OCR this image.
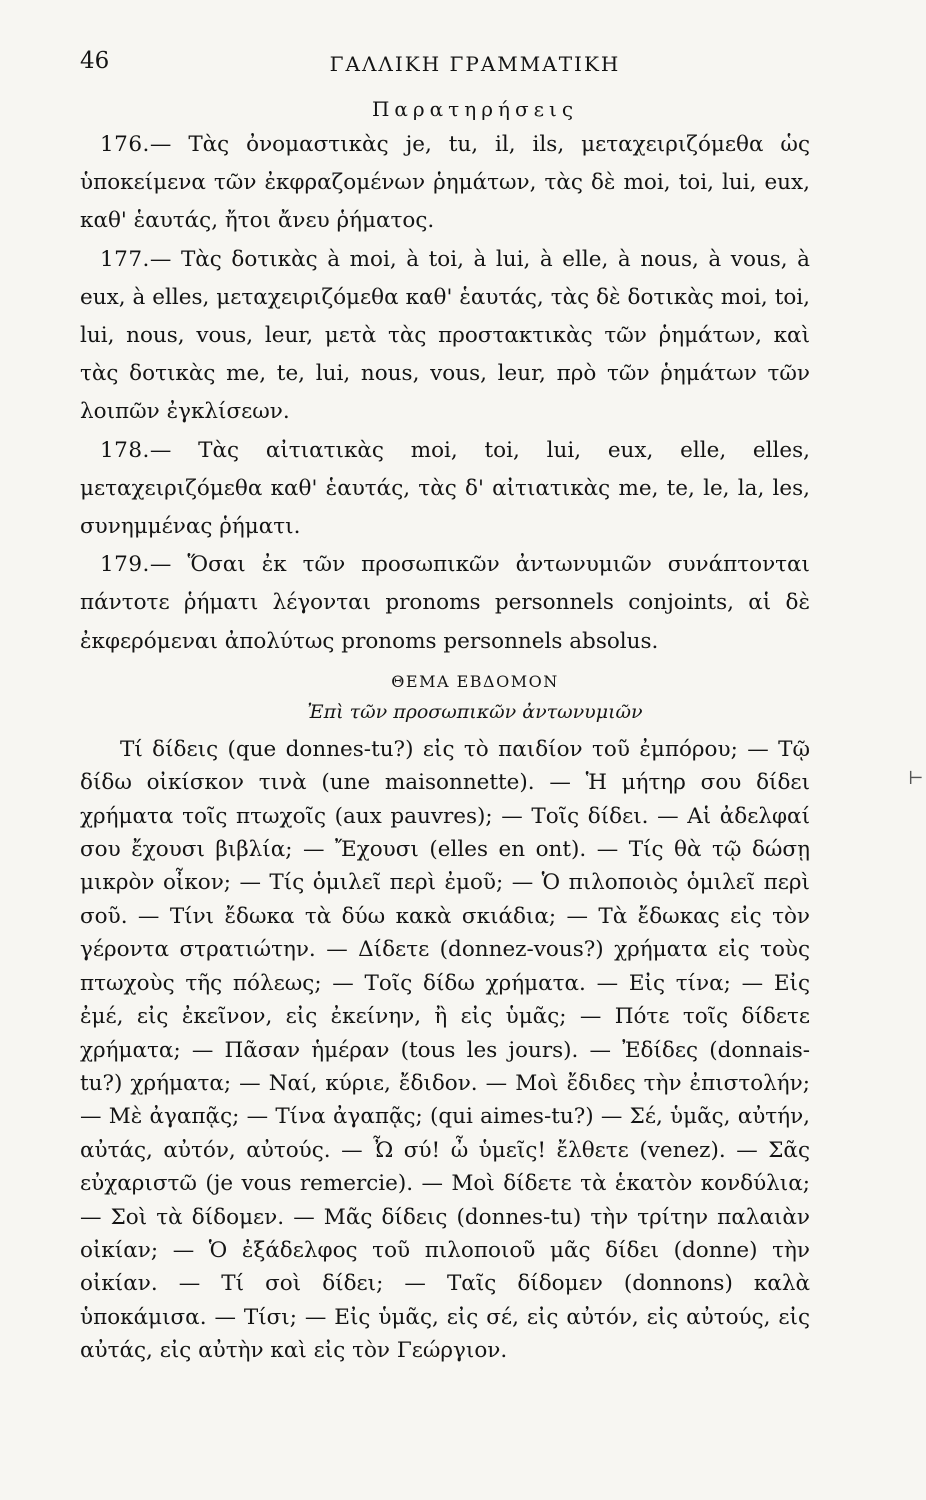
46	ΓΑΛΛΙΚΗ ΓΡΑΜΜΑΤΙΚΗ
Παρατηρήσεις

176.— Τὰς ὀνομαστικὰς je, tu, il, ils, μεταχειριζόμεθα ὡς ὑποκείμενα τῶν ἐκφραζομένων ῥημάτων, τὰς δὲ moi, toi, lui, eux, καθ' ἑαυτάς, ἤτοι ἄνευ ῥήματος.

177.— Τὰς δοτικὰς à moi, à toi, à lui, à elle, à nous, à vous, à eux, à elles, μεταχειριζόμεθα καθ' ἑαυτάς, τὰς δὲ δοτικὰς moi, toi, lui, nous, vous, leur, μετὰ τὰς προστακτικὰς τῶν ῥημάτων, καὶ τὰς δοτικὰς me, te, lui, nous, vous, leur, πρὸ τῶν ῥημάτων τῶν λοιπῶν ἐγκλίσεων.

178.— Τὰς αἰτιατικὰς moi, toi, lui, eux, elle, elles, μεταχειριζόμεθα καθ' ἑαυτάς, τὰς δ' αἰτιατικὰς me, te, le, la, les, συνημμένας ῥήματι.

179.— Ὅσαι ἐκ τῶν προσωπικῶν ἀντωνυμιῶν συνάπτονται πάντοτε ῥήματι λέγονται pronoms personnels conjoints, αἱ δὲ ἐκφερόμεναι ἀπολύτως pronoms personnels absolus.

ΘΕΜΑ ΕΒΔΟΜΟΝ
Ἐπὶ τῶν προσωπικῶν ἀντωνυμιῶν

Τί δίδεις (que donnes-tu?) εἰς τὸ παιδίον τοῦ ἐμπόρου; — Τῷ δίδω οἰκίσκον τινὰ (une maisonnette). — Ἡ μήτηρ σου δίδει χρήματα τοῖς πτωχοῖς (aux pauvres); — Τοῖς δίδει. — Αἱ ἀδελφαί σου ἔχουσι βιβλία; — Ἔχουσι (elles en ont). — Τίς θὰ τῷ δώσῃ μικρὸν οἶκον; — Τίς ὁμιλεῖ περὶ ἐμοῦ; — Ὁ πιλοποιὸς ὁμιλεῖ περὶ σοῦ. — Τίνι ἔδωκα τὰ δύω κακὰ σκιάδια; — Τὰ ἔδωκας εἰς τὸν γέροντα στρατιώτην. — Δίδετε (donnez-vous?) χρήματα εἰς τοὺς πτωχοὺς τῆς πόλεως; — Τοῖς δίδω χρήματα. — Εἰς τίνα; — Εἰς ἐμέ, εἰς ἐκεῖνον, εἰς ἐκείνην, ἢ εἰς ὑμᾶς; — Πότε τοῖς δίδετε χρήματα; — Πᾶσαν ἡμέραν (tous les jours). — Ἐδίδες (donnais-tu?) χρήματα; — Ναί, κύριε, ἔδιδον. — Μοὶ ἔδιδες τὴν ἐπιστολήν; — Μὲ ἀγαπᾷς; — Τίνα ἀγαπᾷς; (qui aimes-tu?) — Σέ, ὑμᾶς, αὐτήν, αὐτάς, αὐτόν, αὐτούς. — Ὦ σύ! ὦ ὑμεῖς! ἔλθετε (venez). — Σᾶς εὐχαριστῶ (je vous remercie). — Μοὶ δίδετε τὰ ἑκατὸν κονδύλια; — Σοὶ τὰ δίδομεν. — Μᾶς δίδεις (donnes-tu) τὴν τρίτην παλαιὰν οἰκίαν; — Ὁ ἐξάδελφος τοῦ πιλοποιοῦ μᾶς δίδει (donne) τὴν οἰκίαν. — Τί σοὶ δίδει; — Ταῖς δίδομεν (donnons) καλὰ ὑποκάμισα. — Τίσι; — Εἰς ὑμᾶς, εἰς σέ, εἰς αὐτόν, εἰς αὐτούς, εἰς αὐτάς, εἰς αὐτὴν καὶ εἰς τὸν Γεώργιον.

⊢
